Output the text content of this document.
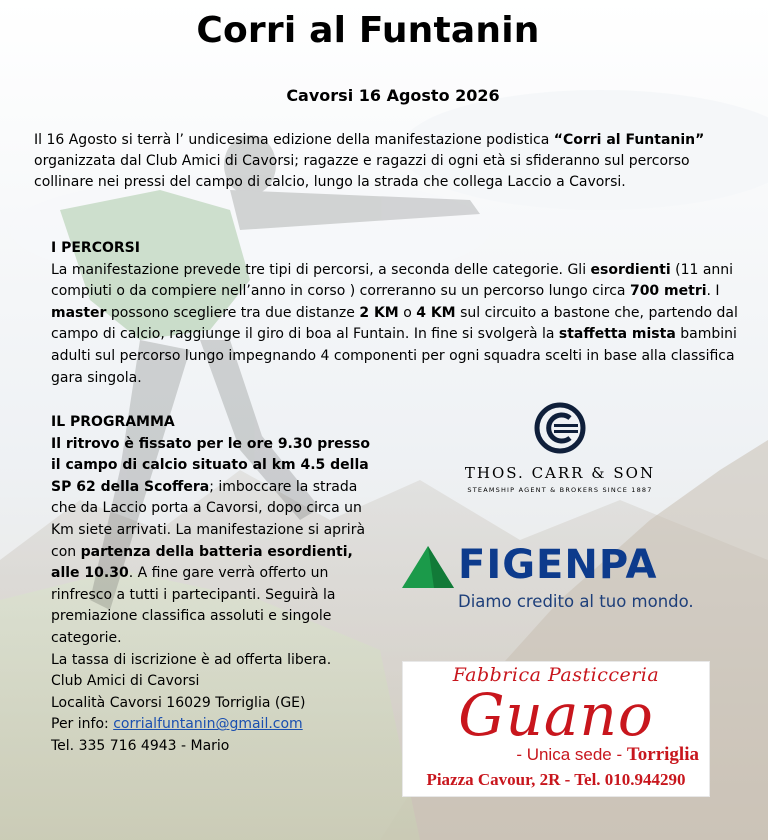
Corri al Funtanin
Cavorsi 16 Agosto 2026
Il 16 Agosto si terrà l’ undicesima edizione della manifestazione podistica “Corri al Funtanin” organizzata dal Club Amici di Cavorsi; ragazze e ragazzi di ogni età si sfideranno sul percorso collinare nei pressi del campo di calcio, lungo la strada che collega Laccio a Cavorsi.
I PERCORSI
La manifestazione prevede tre tipi di percorsi, a seconda delle categorie. Gli esordienti (11 anni compiuti o da compiere nell’anno in corso ) correranno su un percorso lungo circa 700 metri. I master possono scegliere tra due distanze 2 KM o 4 KM sul circuito a bastone che, partendo dal campo di calcio, raggiunge il giro di boa al Funtain. In fine si svolgerà la staffetta mista bambini adulti sul percorso lungo impegnando 4 componenti per ogni squadra scelti in base alla classifica gara singola.
IL PROGRAMMA
Il ritrovo è fissato per le ore 9.30 presso il campo di calcio situato al km 4.5 della SP 62 della Scoffera; imboccare la strada che da Laccio porta a Cavorsi, dopo circa un Km siete arrivati. La manifestazione si aprirà con partenza della batteria esordienti, alle 10.30. A fine gare verrà offerto un rinfresco a tutti i partecipanti. Seguirà la premiazione classifica assoluti e singole categorie.
La tassa di iscrizione è ad offerta libera.
Club Amici di Cavorsi
Località Cavorsi 16029 Torriglia (GE)
Per info: corrialfuntanin@gmail.com
Tel. 335 716 4943 - Mario
THOS. CARR & SON
STEAMSHIP AGENT & BROKERS SINCE 1887
FIGENPA
Diamo credito al tuo mondo.
Fabbrica Pasticceria
Guano
- Unica sede - Torriglia
Piazza Cavour, 2R - Tel. 010.944290
